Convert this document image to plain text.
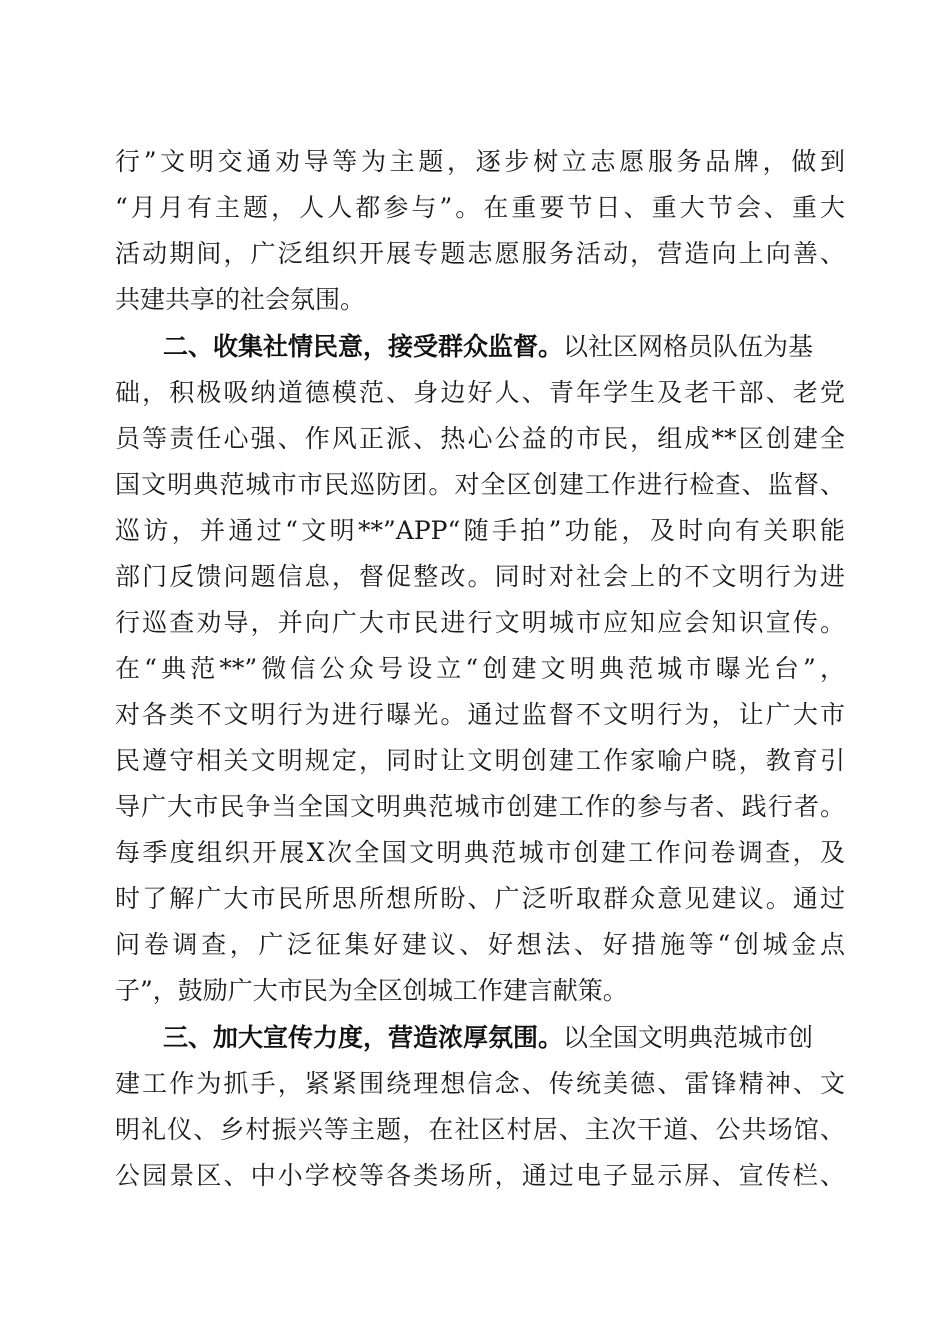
行”文明交通劝导等为主题，逐步树立志愿服务品牌，做到
“月月有主题，人人都参与”。在重要节日、重大节会、重大
活动期间，广泛组织开展专题志愿服务活动，营造向上向善、
共建共享的社会氛围。
二、收集社情民意，接受群众监督。以社区网格员队伍为基
础，积极吸纳道德模范、身边好人、青年学生及老干部、老党
员等责任心强、作风正派、热心公益的市民，组成**区创建全
国文明典范城市市民巡防团。对全区创建工作进行检查、监督、
巡访，并通过“文明**”APP“随手拍”功能，及时向有关职能
部门反馈问题信息，督促整改。同时对社会上的不文明行为进
行巡查劝导，并向广大市民进行文明城市应知应会知识宣传。
在“典范**”微信公众号设立“创建文明典范城市曝光台”，
对各类不文明行为进行曝光。通过监督不文明行为，让广大市
民遵守相关文明规定，同时让文明创建工作家喻户晓，教育引
导广大市民争当全国文明典范城市创建工作的参与者、践行者。
每季度组织开展X次全国文明典范城市创建工作问卷调查，及
时了解广大市民所思所想所盼、广泛听取群众意见建议。通过
问卷调查，广泛征集好建议、好想法、好措施等“创城金点
子”，鼓励广大市民为全区创城工作建言献策。
三、加大宣传力度，营造浓厚氛围。以全国文明典范城市创
建工作为抓手，紧紧围绕理想信念、传统美德、雷锋精神、文
明礼仪、乡村振兴等主题，在社区村居、主次干道、公共场馆、
公园景区、中小学校等各类场所，通过电子显示屏、宣传栏、
